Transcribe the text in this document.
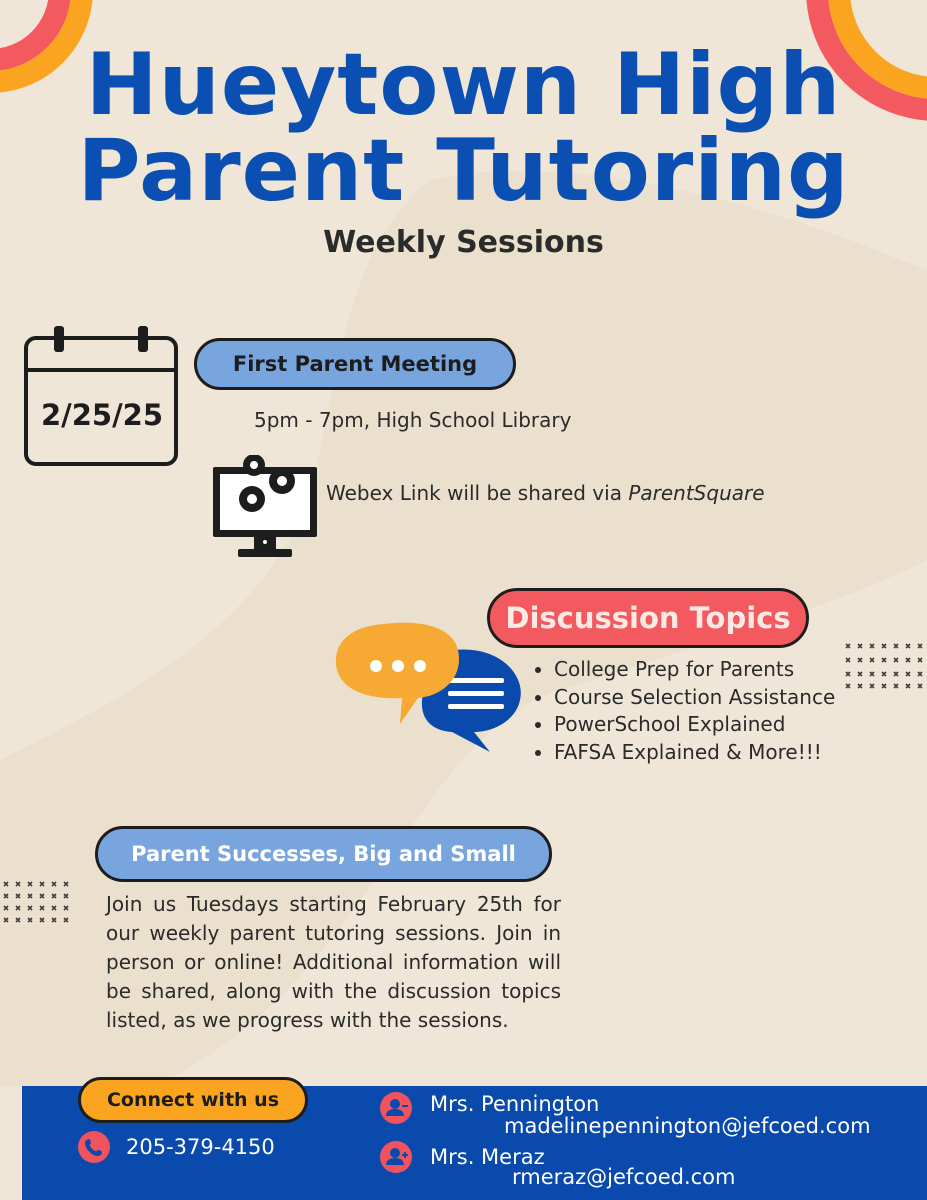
Hueytown High
Parent Tutoring
Weekly Sessions
2/25/25
First Parent Meeting
5pm - 7pm, High School Library
Webex Link will be shared via ParentSquare
Discussion Topics
• College Prep for Parents
• Course Selection Assistance
• PowerSchool Explained
• FAFSA Explained & More!!!
Parent Successes, Big and Small
Join us Tuesdays starting February 25th for our weekly parent tutoring sessions. Join in person or online! Additional information will be shared, along with the discussion topics listed, as we progress with the sessions.
Connect with us
205-379-4150
Mrs. Pennington
madelinepennington@jefcoed.com
Mrs. Meraz
rmeraz@jefcoed.com
